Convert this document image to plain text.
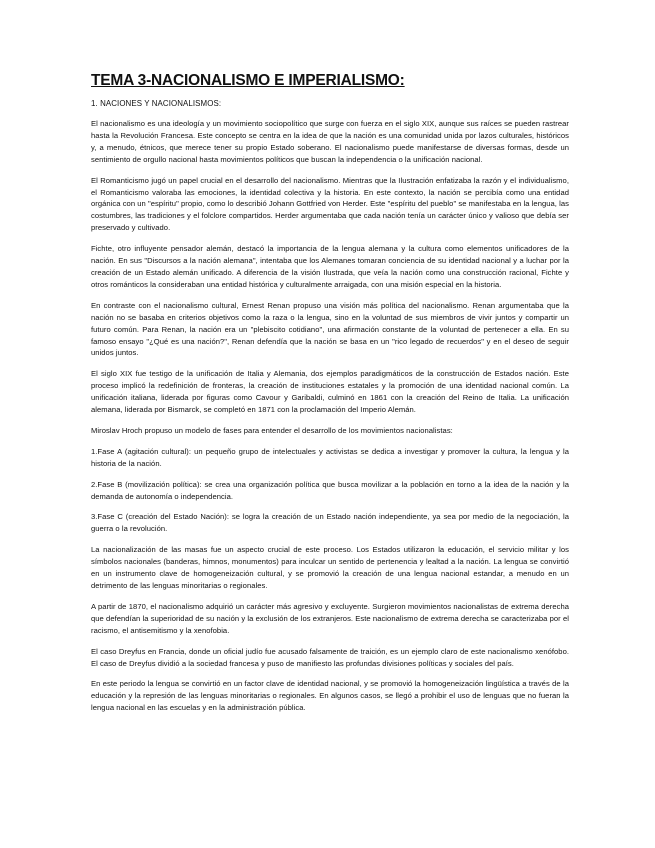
TEMA 3-NACIONALISMO E IMPERIALISMO:
1. NACIONES Y NACIONALISMOS:

El nacionalismo es una ideología y un movimiento sociopolítico que surge con fuerza en el siglo XIX, aunque sus raíces se pueden rastrear hasta la Revolución Francesa. Este concepto se centra en la idea de que la nación es una comunidad unida por lazos culturales, históricos y, a menudo, étnicos, que merece tener su propio Estado soberano. El nacionalismo puede manifestarse de diversas formas, desde un sentimiento de orgullo nacional hasta movimientos políticos que buscan la independencia o la unificación nacional.

El Romanticismo jugó un papel crucial en el desarrollo del nacionalismo. Mientras que la Ilustración enfatizaba la razón y el individualismo, el Romanticismo valoraba las emociones, la identidad colectiva y la historia. En este contexto, la nación se percibía como una entidad orgánica con un "espíritu" propio, como lo describió Johann Gottfried von Herder. Este "espíritu del pueblo" se manifestaba en la lengua, las costumbres, las tradiciones y el folclore compartidos. Herder argumentaba que cada nación tenía un carácter único y valioso que debía ser preservado y cultivado.

Fichte, otro influyente pensador alemán, destacó la importancia de la lengua alemana y la cultura como elementos unificadores de la nación. En sus "Discursos a la nación alemana", intentaba que los Alemanes tomaran conciencia de su identidad nacional y a luchar por la creación de un Estado alemán unificado. A diferencia de la visión Ilustrada, que veía la nación como una construcción racional, Fichte y otros románticos la consideraban una entidad histórica y culturalmente arraigada, con una misión especial en la historia.

En contraste con el nacionalismo cultural, Ernest Renan propuso una visión más política del nacionalismo. Renan argumentaba que la nación no se basaba en criterios objetivos como la raza o la lengua, sino en la voluntad de sus miembros de vivir juntos y compartir un futuro común. Para Renan, la nación era un "plebiscito cotidiano", una afirmación constante de la voluntad de pertenecer a ella. En su famoso ensayo "¿Qué es una nación?", Renan defendía que la nación se basa en un "rico legado de recuerdos" y en el deseo de seguir unidos juntos.

El siglo XIX fue testigo de la unificación de Italia y Alemania, dos ejemplos paradigmáticos de la construcción de Estados nación. Este proceso implicó la redefinición de fronteras, la creación de instituciones estatales y la promoción de una identidad nacional común. La unificación italiana, liderada por figuras como Cavour y Garibaldi, culminó en 1861 con la creación del Reino de Italia. La unificación alemana, liderada por Bismarck, se completó en 1871 con la proclamación del Imperio Alemán.

Miroslav Hroch propuso un modelo de fases para entender el desarrollo de los movimientos nacionalistas:

1.Fase A (agitación cultural): un pequeño grupo de intelectuales y activistas se dedica a investigar y promover la cultura, la lengua y la historia de la nación.

2.Fase B (movilización política): se crea una organización política que busca movilizar a la población en torno a la idea de la nación y la demanda de autonomía o independencia.

3.Fase C (creación del Estado Nación): se logra la creación de un Estado nación independiente, ya sea por medio de la negociación, la guerra o la revolución.

La nacionalización de las masas fue un aspecto crucial de este proceso. Los Estados utilizaron la educación, el servicio militar y los símbolos nacionales (banderas, himnos, monumentos) para inculcar un sentido de pertenencia y lealtad a la nación. La lengua se convirtió en un instrumento clave de homogeneización cultural, y se promovió la creación de una lengua nacional estandar, a menudo en un detrimento de las lenguas minoritarias o regionales.

A partir de 1870, el nacionalismo adquirió un carácter más agresivo y excluyente. Surgieron movimientos nacionalistas de extrema derecha que defendían la superioridad de su nación y la exclusión de los extranjeros. Este nacionalismo de extrema derecha se caracterizaba por el racismo, el antisemitismo y la xenofobia.

El caso Dreyfus en Francia, donde un oficial judío fue acusado falsamente de traición, es un ejemplo claro de este nacionalismo xenófobo. El caso de Dreyfus dividió a la sociedad francesa y puso de manifiesto las profundas divisiones políticas y sociales del país.

En este periodo la lengua se convirtió en un factor clave de identidad nacional, y se promovió la homogeneización lingüística a través de la educación y la represión de las lenguas minoritarias o regionales. En algunos casos, se llegó a prohibir el uso de lenguas que no fueran la lengua nacional en las escuelas y en la administración pública.
